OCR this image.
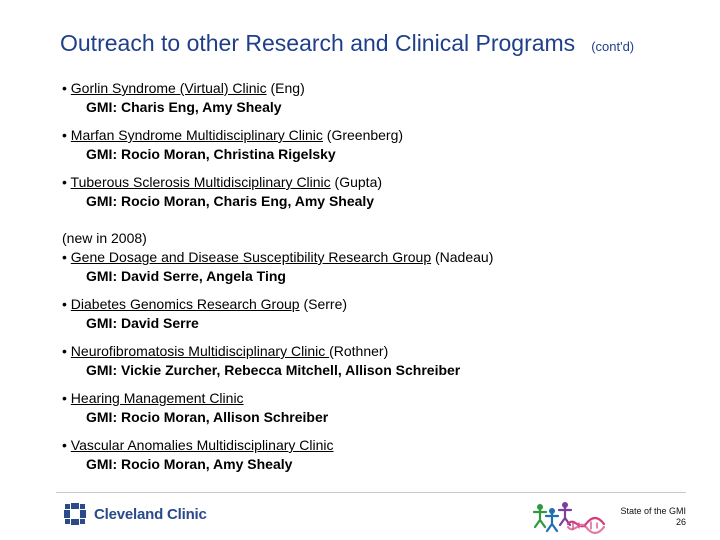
Outreach to other Research and Clinical Programs (cont'd)
• Gorlin Syndrome (Virtual) Clinic (Eng)
GMI: Charis Eng, Amy Shealy
• Marfan Syndrome Multidisciplinary Clinic (Greenberg)
GMI: Rocio Moran, Christina Rigelsky
• Tuberous Sclerosis Multidisciplinary Clinic (Gupta)
GMI: Rocio Moran, Charis Eng, Amy Shealy
(new in 2008)
• Gene Dosage and Disease Susceptibility Research Group (Nadeau)
GMI: David Serre, Angela Ting
• Diabetes Genomics Research Group (Serre)
GMI: David Serre
• Neurofibromatosis Multidisciplinary Clinic (Rothner)
GMI: Vickie Zurcher, Rebecca Mitchell, Allison Schreiber
• Hearing Management Clinic
GMI: Rocio Moran, Allison Schreiber
• Vascular Anomalies Multidisciplinary Clinic
GMI: Rocio Moran, Amy Shealy
Cleveland Clinic	State of the GMI
26
